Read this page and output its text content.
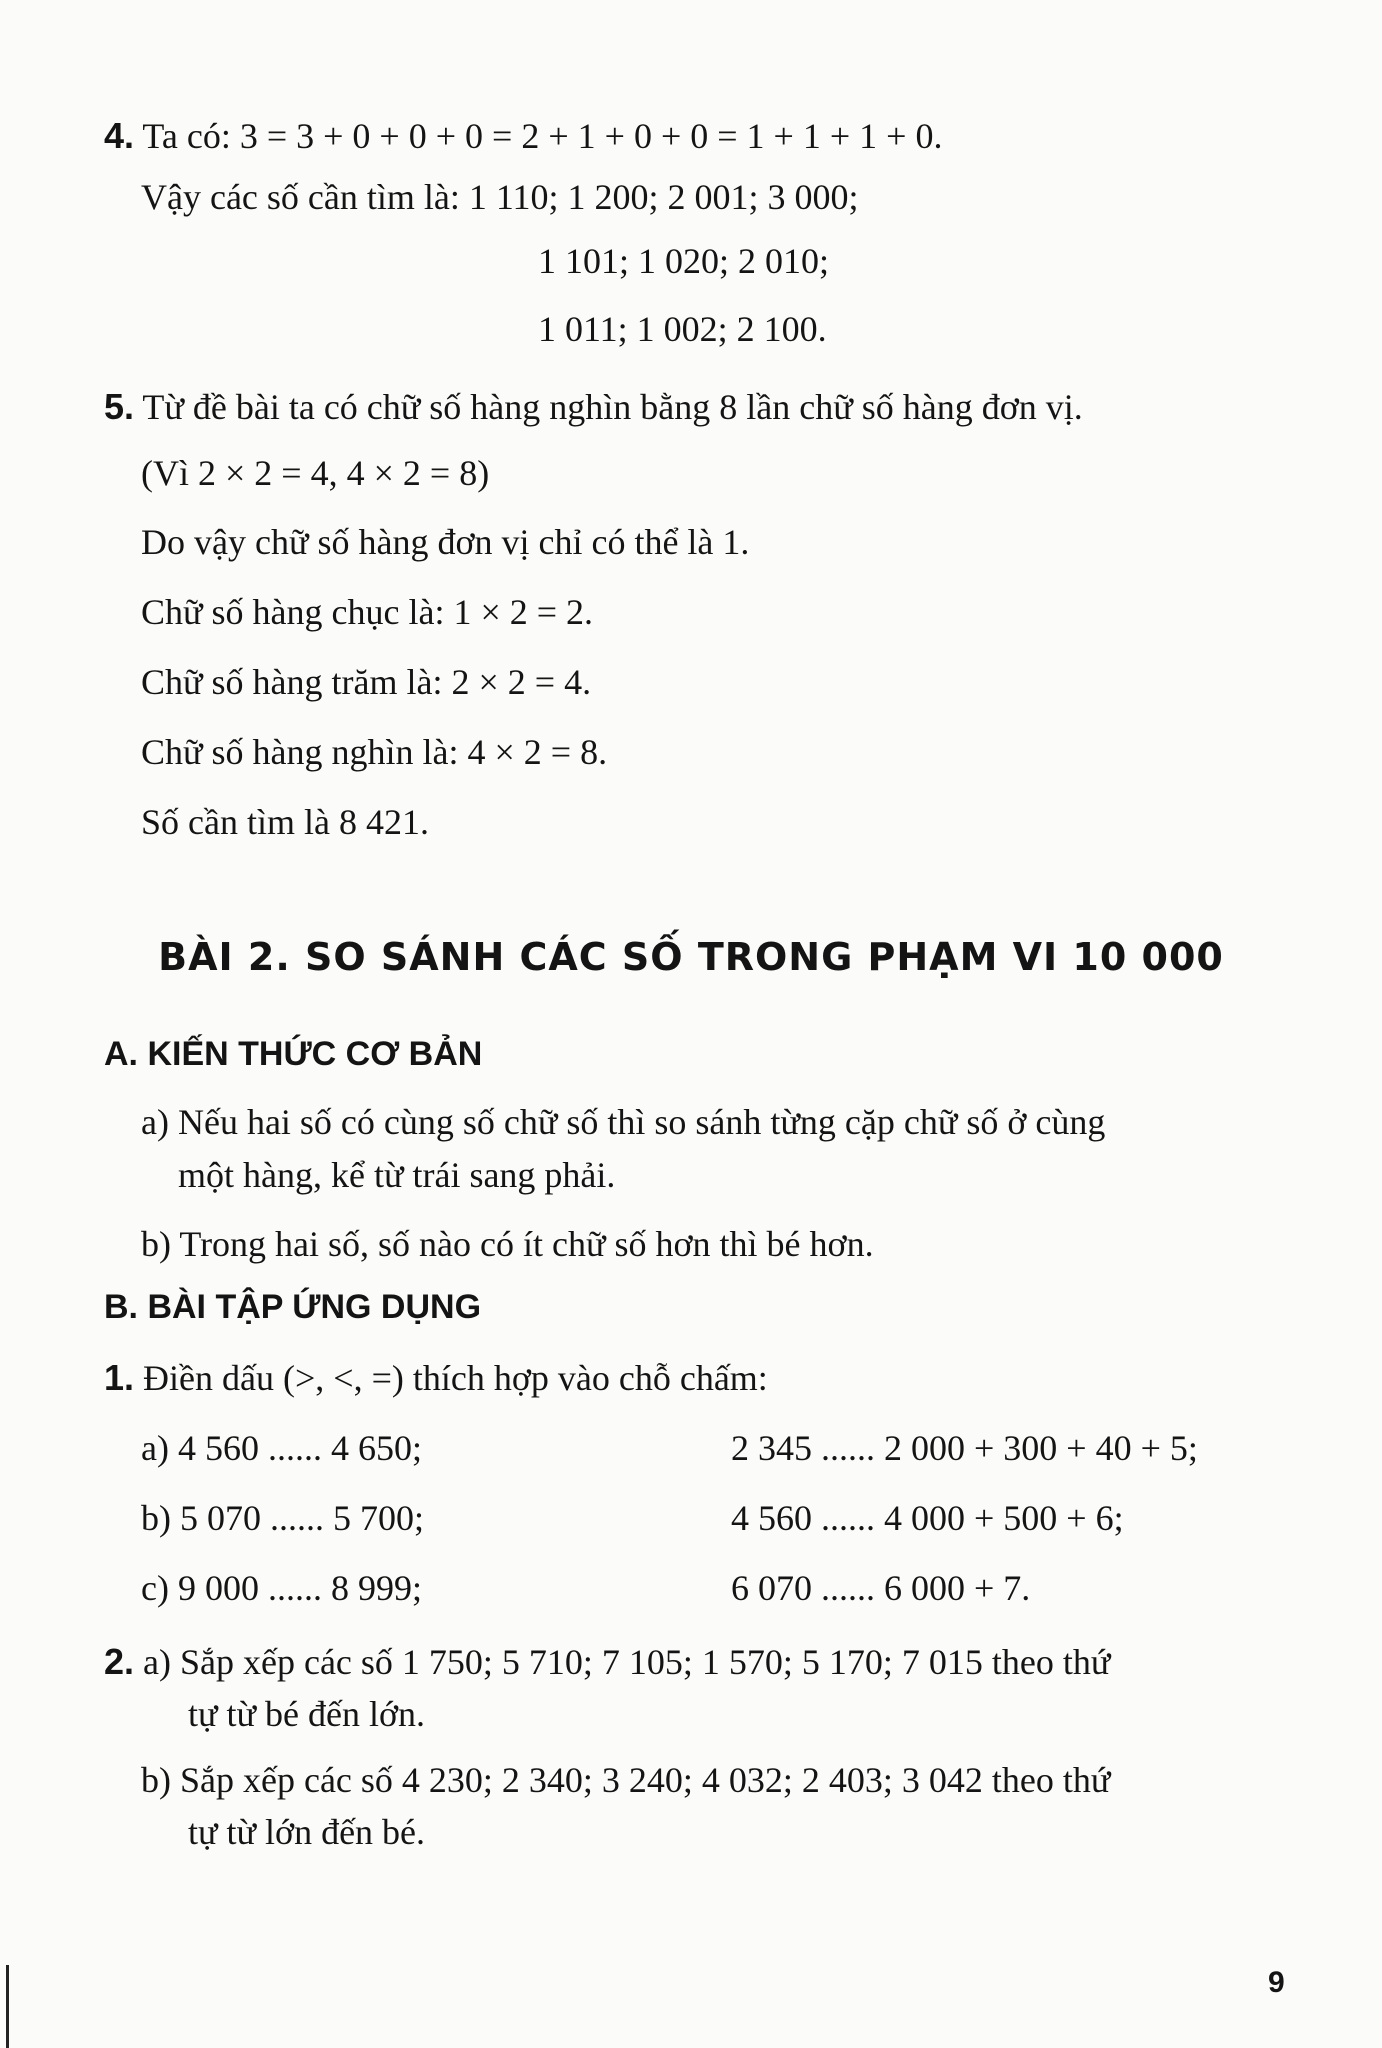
4. Ta có: 3 = 3 + 0 + 0 + 0 = 2 + 1 + 0 + 0 = 1 + 1 + 1 + 0.
Vậy các số cần tìm là: 1 110; 1 200; 2 001; 3 000;
1 101; 1 020; 2 010;
1 011; 1 002; 2 100.
5. Từ đề bài ta có chữ số hàng nghìn bằng 8 lần chữ số hàng đơn vị.
(Vì 2 × 2 = 4, 4 × 2 = 8)
Do vậy chữ số hàng đơn vị chỉ có thể là 1.
Chữ số hàng chục là: 1 × 2 = 2.
Chữ số hàng trăm là: 2 × 2 = 4.
Chữ số hàng nghìn là: 4 × 2 = 8.
Số cần tìm là 8 421.
BÀI 2. SO SÁNH CÁC SỐ TRONG PHẠM VI 10 000
A. KIẾN THỨC CƠ BẢN
a) Nếu hai số có cùng số chữ số thì so sánh từng cặp chữ số ở cùng
một hàng, kể từ trái sang phải.
b) Trong hai số, số nào có ít chữ số hơn thì bé hơn.
B. BÀI TẬP ỨNG DỤNG
1. Điền dấu (>, <, =) thích hợp vào chỗ chấm:
a) 4 560 ...... 4 650;	2 345 ...... 2 000 + 300 + 40 + 5;
b) 5 070 ...... 5 700;	4 560 ...... 4 000 + 500 + 6;
c) 9 000 ...... 8 999;	6 070 ...... 6 000 + 7.
2. a) Sắp xếp các số 1 750; 5 710; 7 105; 1 570; 5 170; 7 015 theo thứ
tự từ bé đến lớn.
b) Sắp xếp các số 4 230; 2 340; 3 240; 4 032; 2 403; 3 042 theo thứ
tự từ lớn đến bé.
9
